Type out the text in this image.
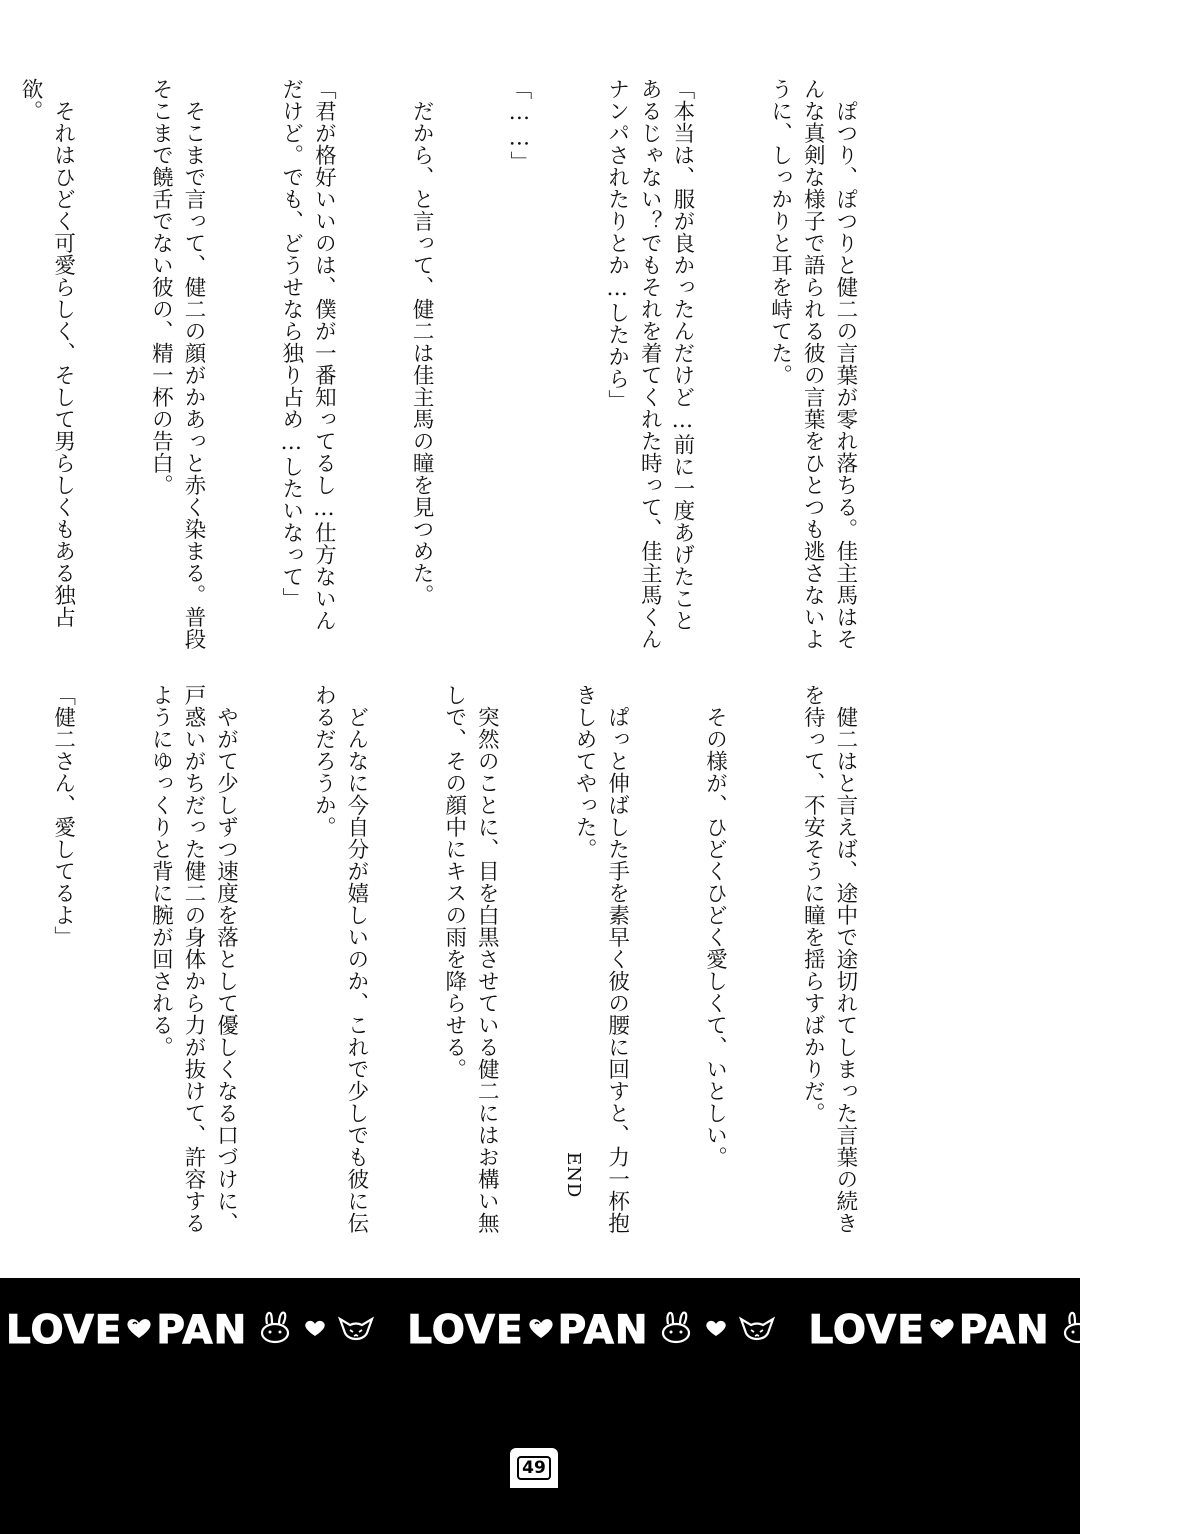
　ぽつり、ぽつりと健二の言葉が零れ落ちる。佳主馬はそんな真剣な様子で語られる彼の言葉をひとつも逃さないように、しっかりと耳を峙てた。

「本当は、服が良かったんだけど…前に一度あげたことあるじゃない？でもそれを着てくれた時って、佳主馬くんナンパされたりとか…したから」

「……」

　だから、と言って、健二は佳主馬の瞳を見つめた。

「君が格好いいのは、僕が一番知ってるし…仕方ないんだけど。でも、どうせなら独り占め…したいなって」

　そこまで言って、健二の顔がかあっと赤く染まる。普段そこまで饒舌でない彼の、精一杯の告白。

　それはひどく可愛らしく、そして男らしくもある独占欲。

　健二はと言えば、途中で途切れてしまった言葉の続きを待って、不安そうに瞳を揺らすばかりだ。

　その様が、ひどくひどく愛しくて、いとしい。

　ぱっと伸ばした手を素早く彼の腰に回すと、力一杯抱きしめてやった。

　突然のことに、目を白黒させている健二にはお構い無しで、その顔中にキスの雨を降らせる。

　どんなに今自分が嬉しいのか、これで少しでも彼に伝わるだろうか。

　やがて少しずつ速度を落として優しくなる口づけに、戸惑いがちだった健二の身体から力が抜けて、許容するようにゆっくりと背に腕が回される。

「健二さん、愛してるよ」

END
LOVE PAN	LOVE PAN	LOVE PAN
49
